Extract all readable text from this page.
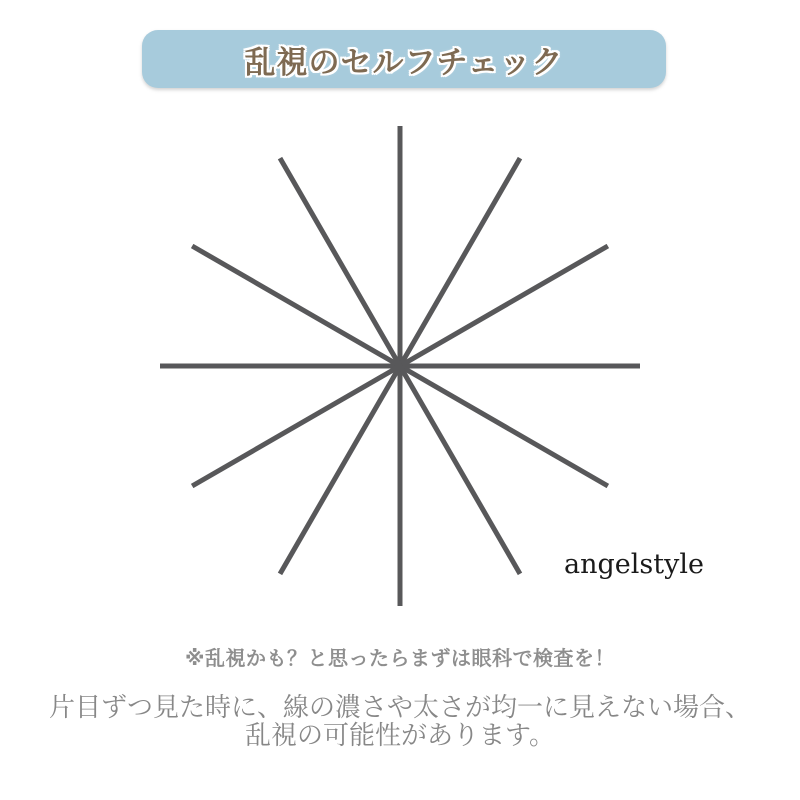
乱視のセルフチェック
angelstyle
※乱視かも？と思ったらまずは眼科で検査を！
片目ずつ見た時に、線の濃さや太さが均一に見えない場合、
乱視の可能性があります。
